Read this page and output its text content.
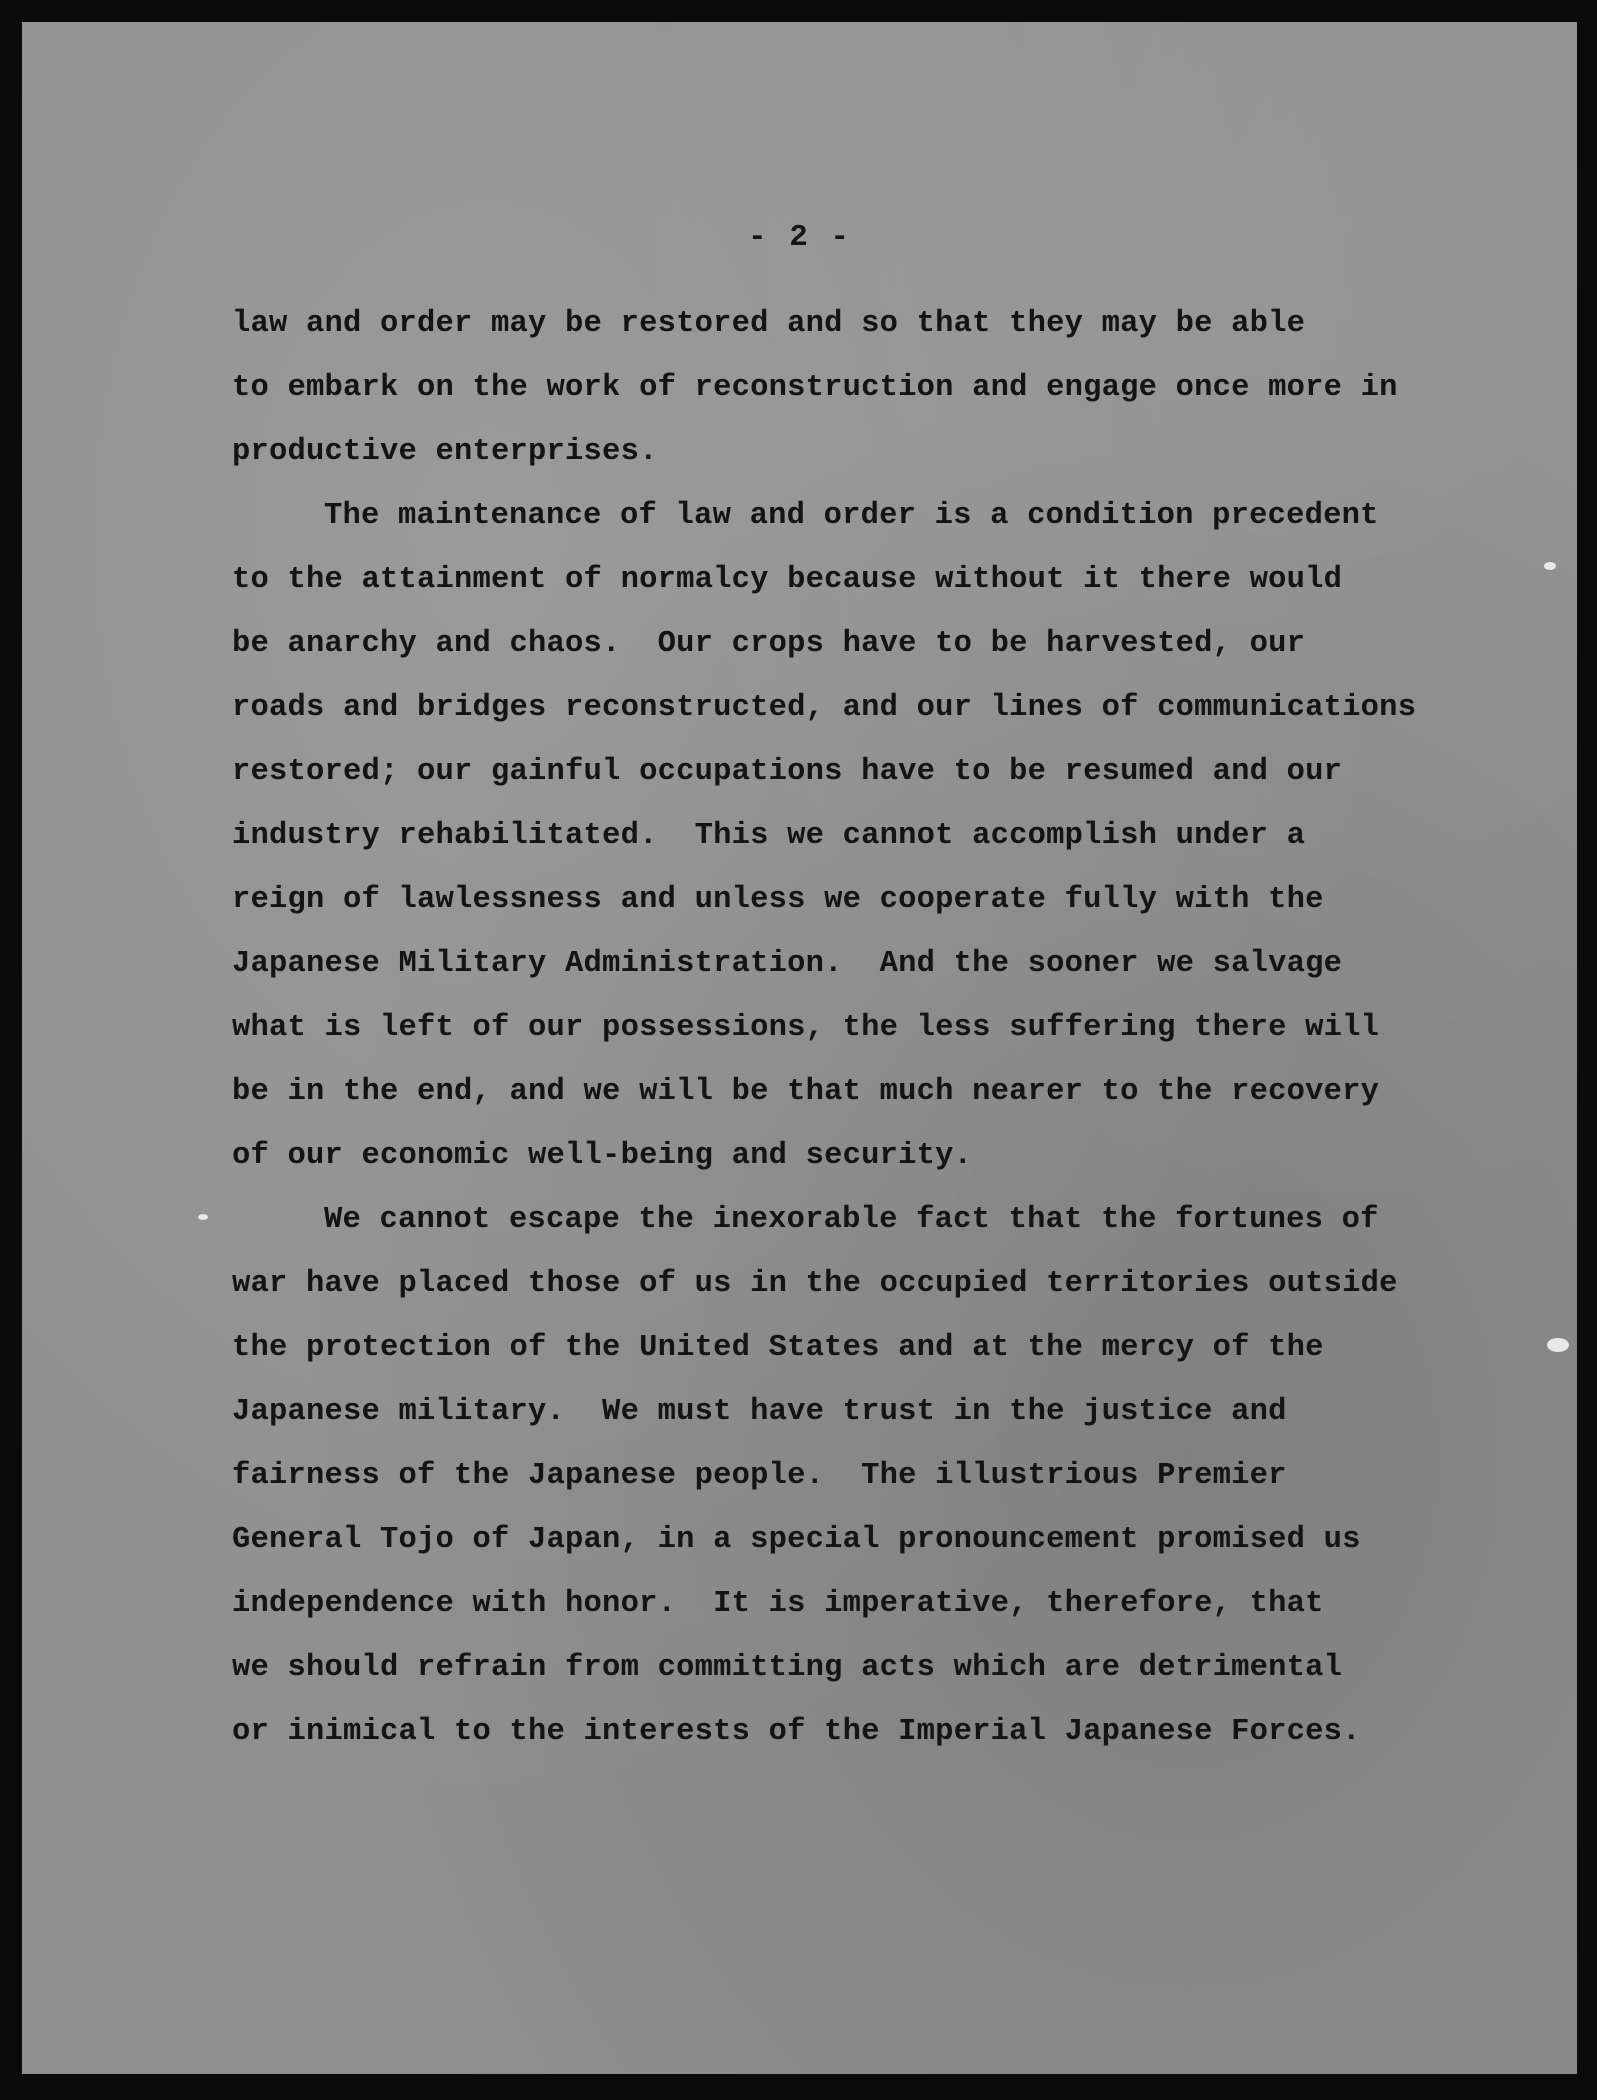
- 2 -
law and order may be restored and so that they may be able
to embark on the work of reconstruction and engage once more in
productive enterprises.
The maintenance of law and order is a condition precedent
to the attainment of normalcy because without it there would
be anarchy and chaos.  Our crops have to be harvested, our
roads and bridges reconstructed, and our lines of communications
restored; our gainful occupations have to be resumed and our
industry rehabilitated.  This we cannot accomplish under a
reign of lawlessness and unless we cooperate fully with the
Japanese Military Administration.  And the sooner we salvage
what is left of our possessions, the less suffering there will
be in the end, and we will be that much nearer to the recovery
of our economic well-being and security.
We cannot escape the inexorable fact that the fortunes of
war have placed those of us in the occupied territories outside
the protection of the United States and at the mercy of the
Japanese military.  We must have trust in the justice and
fairness of the Japanese people.  The illustrious Premier
General Tojo of Japan, in a special pronouncement promised us
independence with honor.  It is imperative, therefore, that
we should refrain from committing acts which are detrimental
or inimical to the interests of the Imperial Japanese Forces.
